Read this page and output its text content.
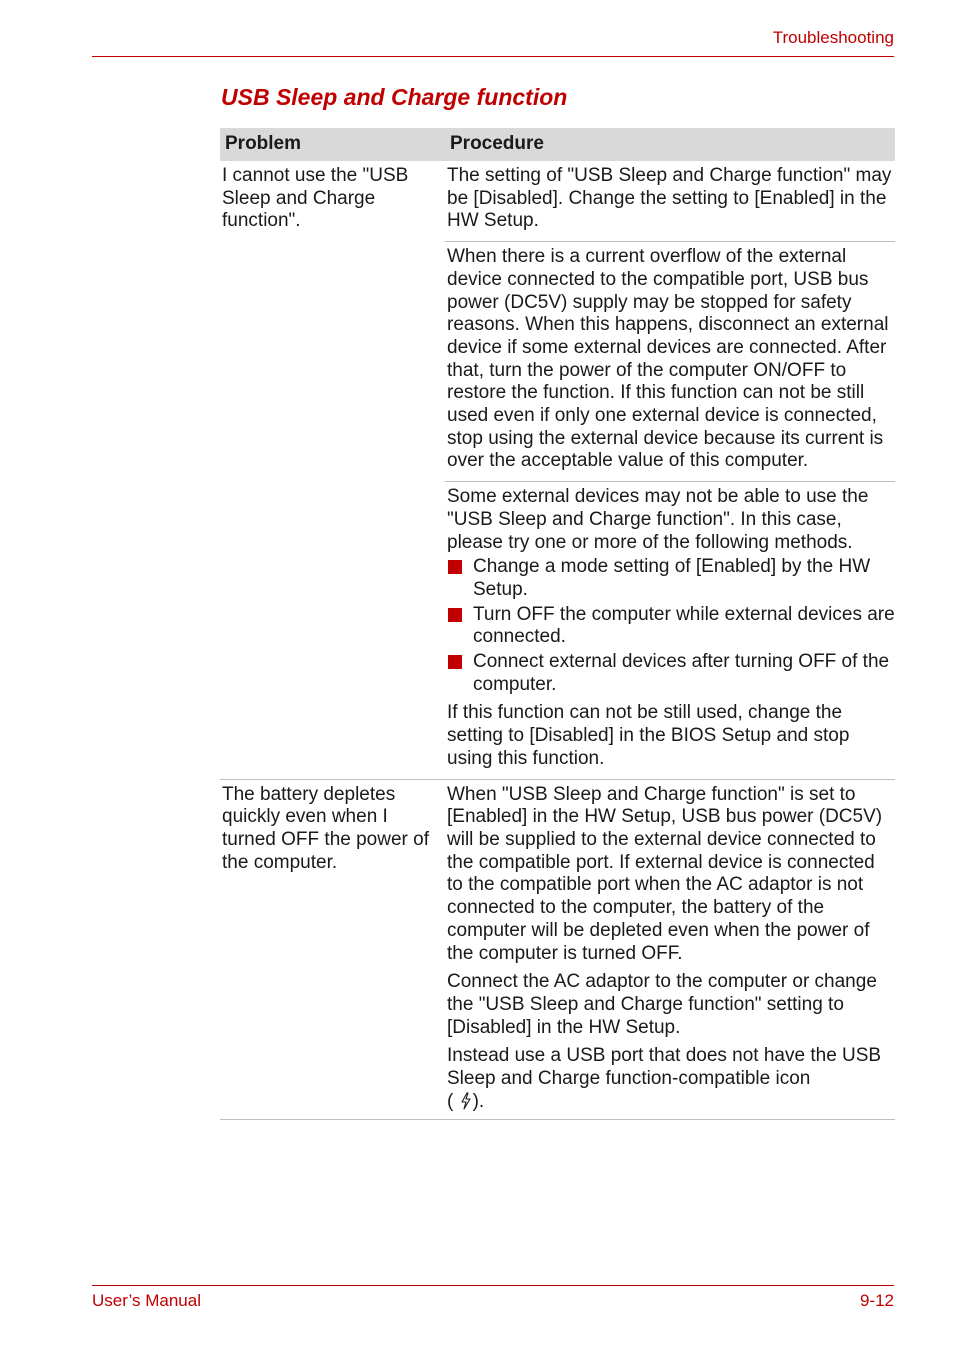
Troubleshooting
USB Sleep and Charge function
Problem	Procedure
I cannot use the "USB Sleep and Charge function".

The setting of "USB Sleep and Charge function" may be [Disabled]. Change the setting to [Enabled] in the HW Setup.

When there is a current overflow of the external device connected to the compatible port, USB bus power (DC5V) supply may be stopped for safety reasons. When this happens, disconnect an external device if some external devices are connected. After that, turn the power of the computer ON/OFF to restore the function. If this function can not be still used even if only one external device is connected, stop using the external device because its current is over the acceptable value of this computer.

Some external devices may not be able to use the "USB Sleep and Charge function". In this case, please try one or more of the following methods.

Change a mode setting of [Enabled] by the HW Setup.
Turn OFF the computer while external devices are connected.
Connect external devices after turning OFF of the computer.

If this function can not be still used, change the setting to [Disabled] in the BIOS Setup and stop using this function.

The battery depletes quickly even when I turned OFF the power of the computer.

When "USB Sleep and Charge function" is set to [Enabled] in the HW Setup, USB bus power (DC5V) will be supplied to the external device connected to the compatible port. If external device is connected to the compatible port when the AC adaptor is not connected to the computer, the battery of the computer will be depleted even when the power of the computer is turned OFF.

Connect the AC adaptor to the computer or change the "USB Sleep and Charge function" setting to [Disabled] in the HW Setup.

Instead use a USB port that does not have the USB Sleep and Charge function-compatible icon
( ).

User’s Manual	9-12
